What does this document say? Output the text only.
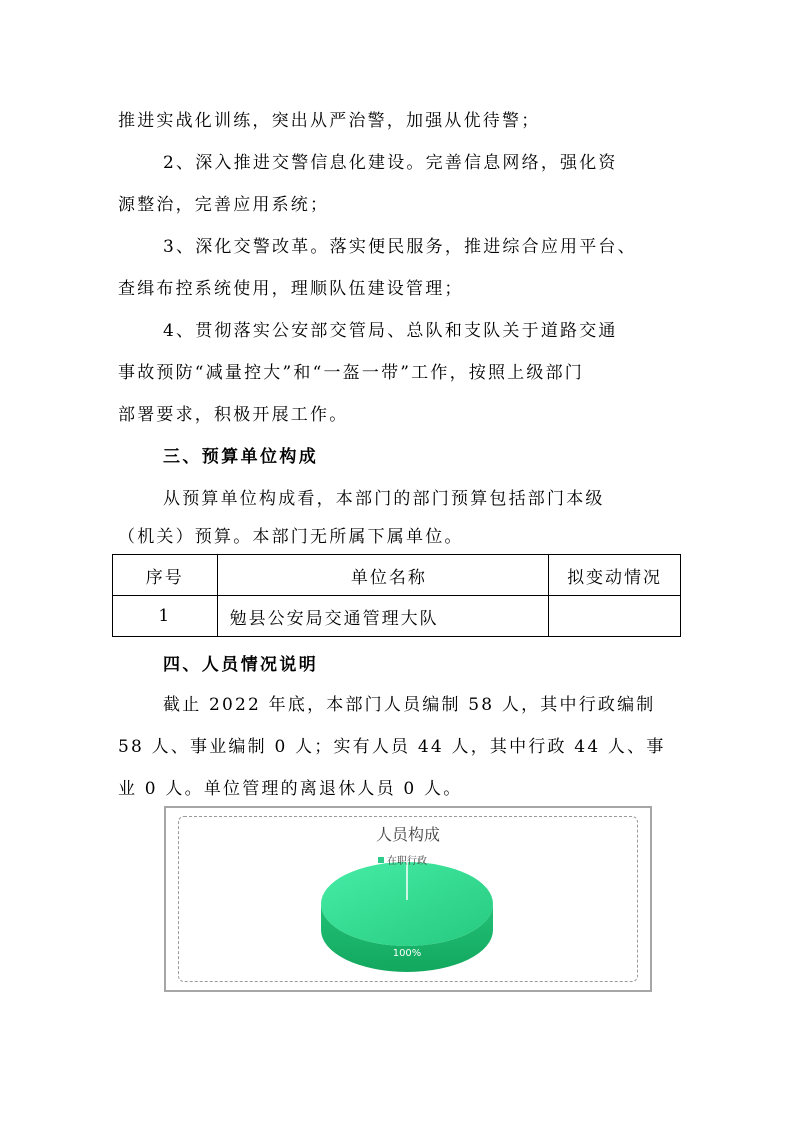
推进实战化训练，突出从严治警，加强从优待警；
2、深入推进交警信息化建设。完善信息网络，强化资
源整治，完善应用系统；
3、深化交警改革。落实便民服务，推进综合应用平台、
查缉布控系统使用，理顺队伍建设管理；
4、贯彻落实公安部交管局、总队和支队关于道路交通
事故预防“减量控大”和“一盔一带”工作，按照上级部门
部署要求，积极开展工作。
三、预算单位构成
从预算单位构成看，本部门的部门预算包括部门本级
（机关）预算。本部门无所属下属单位。
序号	单位名称	拟变动情况
1	勉县公安局交通管理大队	
四、人员情况说明
截止 2022 年底，本部门人员编制 58 人，其中行政编制
58 人、事业编制 0 人；实有人员 44 人，其中行政 44 人、事
业 0 人。单位管理的离退休人员 0 人。
人员构成
100%
在职行政
